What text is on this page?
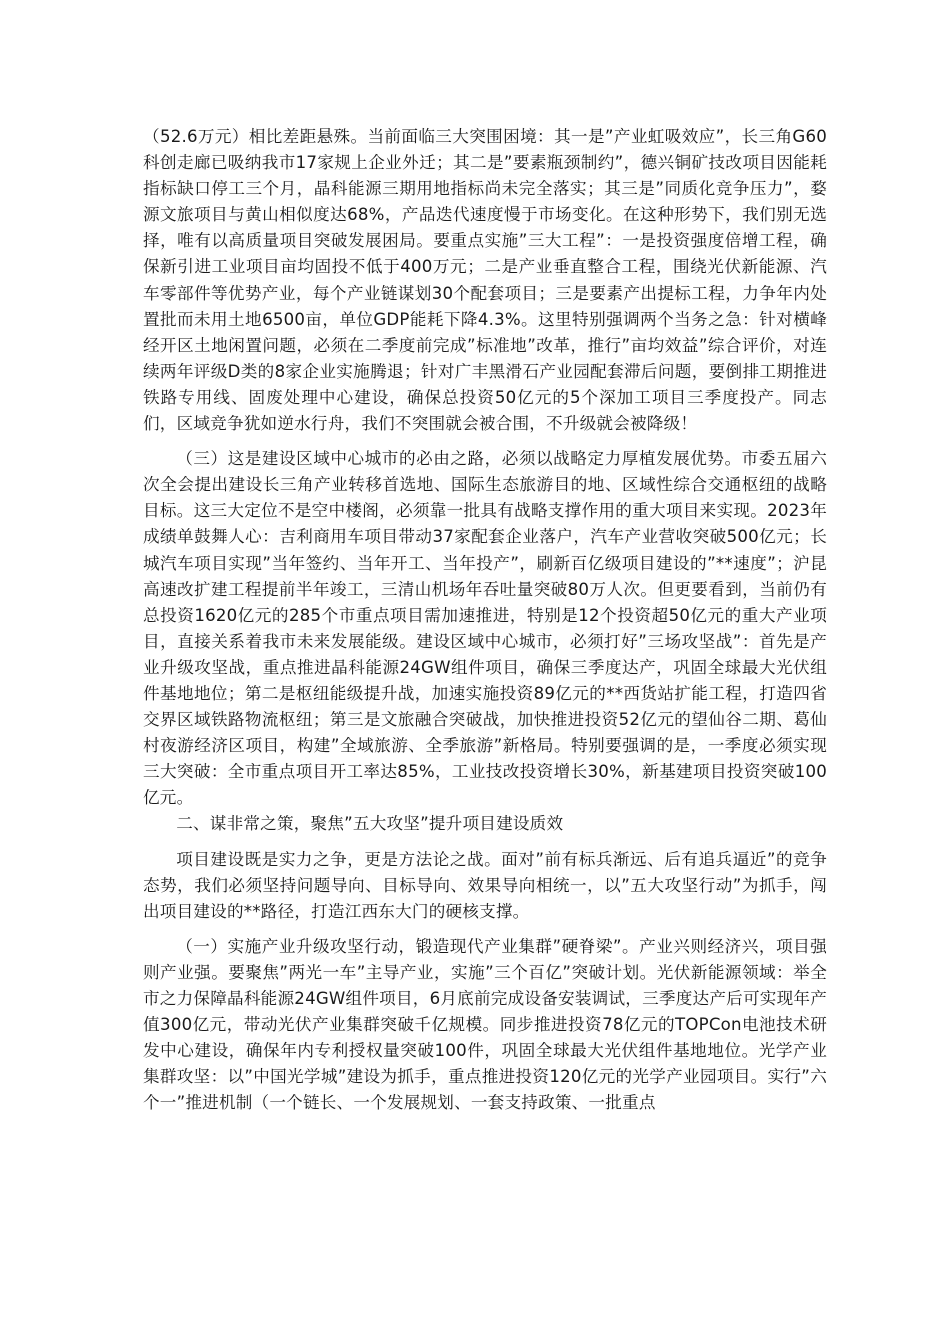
（52.6万元）相比差距悬殊。当前面临三大突围困境：其一是”产业虹吸效应”，长三角G60科创走廊已吸纳我市17家规上企业外迁；其二是”要素瓶颈制约”，德兴铜矿技改项目因能耗指标缺口停工三个月，晶科能源三期用地指标尚未完全落实；其三是”同质化竞争压力”，婺源文旅项目与黄山相似度达68%，产品迭代速度慢于市场变化。在这种形势下，我们别无选择，唯有以高质量项目突破发展困局。要重点实施”三大工程”：一是投资强度倍增工程，确保新引进工业项目亩均固投不低于400万元；二是产业垂直整合工程，围绕光伏新能源、汽车零部件等优势产业，每个产业链谋划30个配套项目；三是要素产出提标工程，力争年内处置批而未用土地6500亩，单位GDP能耗下降4.3%。这里特别强调两个当务之急：针对横峰经开区土地闲置问题，必须在二季度前完成”标准地”改革，推行”亩均效益”综合评价，对连续两年评级D类的8家企业实施腾退；针对广丰黑滑石产业园配套滞后问题，要倒排工期推进铁路专用线、固废处理中心建设，确保总投资50亿元的5个深加工项目三季度投产。同志们，区域竞争犹如逆水行舟，我们不突围就会被合围，不升级就会被降级！

（三）这是建设区域中心城市的必由之路，必须以战略定力厚植发展优势。市委五届六次全会提出建设长三角产业转移首选地、国际生态旅游目的地、区域性综合交通枢纽的战略目标。这三大定位不是空中楼阁，必须靠一批具有战略支撑作用的重大项目来实现。2023年成绩单鼓舞人心：吉利商用车项目带动37家配套企业落户，汽车产业营收突破500亿元；长城汽车项目实现”当年签约、当年开工、当年投产”，刷新百亿级项目建设的”**速度”；沪昆高速改扩建工程提前半年竣工，三清山机场年吞吐量突破80万人次。但更要看到，当前仍有总投资1620亿元的285个市重点项目需加速推进，特别是12个投资超50亿元的重大产业项目，直接关系着我市未来发展能级。建设区域中心城市，必须打好”三场攻坚战”：首先是产业升级攻坚战，重点推进晶科能源24GW组件项目，确保三季度达产，巩固全球最大光伏组件基地地位；第二是枢纽能级提升战，加速实施投资89亿元的**西货站扩能工程，打造四省交界区域铁路物流枢纽；第三是文旅融合突破战，加快推进投资52亿元的望仙谷二期、葛仙村夜游经济区项目，构建”全域旅游、全季旅游”新格局。特别要强调的是，一季度必须实现三大突破：全市重点项目开工率达85%，工业技改投资增长30%，新基建项目投资突破100亿元。

二、谋非常之策，聚焦”五大攻坚”提升项目建设质效

项目建设既是实力之争，更是方法论之战。面对”前有标兵渐远、后有追兵逼近”的竞争态势，我们必须坚持问题导向、目标导向、效果导向相统一，以”五大攻坚行动”为抓手，闯出项目建设的**路径，打造江西东大门的硬核支撑。

（一）实施产业升级攻坚行动，锻造现代产业集群”硬脊梁”。产业兴则经济兴，项目强则产业强。要聚焦”两光一车”主导产业，实施”三个百亿”突破计划。光伏新能源领域：举全市之力保障晶科能源24GW组件项目，6月底前完成设备安装调试，三季度达产后可实现年产值300亿元，带动光伏产业集群突破千亿规模。同步推进投资78亿元的TOPCon电池技术研发中心建设，确保年内专利授权量突破100件，巩固全球最大光伏组件基地地位。光学产业集群攻坚：以”中国光学城”建设为抓手，重点推进投资120亿元的光学产业园项目。实行”六个一”推进机制（一个链长、一个发展规划、一套支持政策、一批重点
